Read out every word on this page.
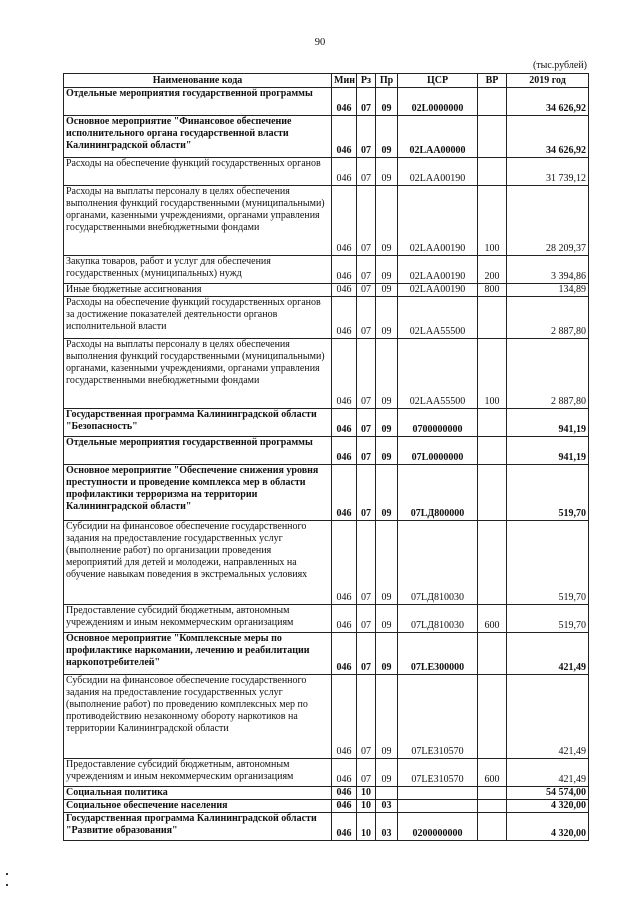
90
(тыс.рублей)
Наименование кода	Мин	Рз	Пр	ЦСР	ВР	2019 год
Отдельные мероприятия государственной программы	046	07	09	02L0000000		34 626,92
Основное мероприятие "Финансовое обеспечение исполнительного органа государственной власти Калининградской области"	046	07	09	02LAA00000		34 626,92
Расходы на обеспечение функций государственных органов	046	07	09	02LAA00190		31 739,12
Расходы на выплаты персоналу в целях обеспечения выполнения функций государственными (муниципальными) органами, казенными учреждениями, органами управления государственными внебюджетными фондами	046	07	09	02LAA00190	100	28 209,37
Закупка товаров, работ и услуг для обеспечения государственных (муниципальных) нужд	046	07	09	02LAA00190	200	3 394,86
Иные бюджетные ассигнования	046	07	09	02LAA00190	800	134,89
Расходы на обеспечение функций государственных органов за достижение показателей деятельности органов исполнительной власти	046	07	09	02LAA55500		2 887,80
Расходы на выплаты персоналу в целях обеспечения выполнения функций государственными (муниципальными) органами, казенными учреждениями, органами управления государственными внебюджетными фондами	046	07	09	02LAA55500	100	2 887,80
Государственная программа Калининградской области "Безопасность"	046	07	09	0700000000		941,19
Отдельные мероприятия государственной программы	046	07	09	07L0000000		941,19
Основное мероприятие "Обеспечение снижения уровня преступности и проведение комплекса мер в области профилактики терроризма на территории Калининградской области"	046	07	09	07LД800000		519,70
Субсидии на финансовое обеспечение государственного задания на предоставление государственных услуг (выполнение работ) по организации проведения мероприятий для детей и молодежи, направленных на обучение навыкам поведения в экстремальных условиях	046	07	09	07LД810030		519,70
Предоставление субсидий бюджетным, автономным учреждениям и иным некоммерческим организациям	046	07	09	07LД810030	600	519,70
Основное мероприятие "Комплексные меры по профилактике наркомании, лечению и реабилитации наркопотребителей"	046	07	09	07LE300000		421,49
Субсидии на финансовое обеспечение государственного задания на предоставление государственных услуг (выполнение работ) по проведению комплексных мер по противодействию незаконному обороту наркотиков на территории Калининградской области	046	07	09	07LE310570		421,49
Предоставление субсидий бюджетным, автономным учреждениям и иным некоммерческим организациям	046	07	09	07LE310570	600	421,49
Социальная политика	046	10				54 574,00
Социальное обеспечение населения	046	10	03			4 320,00
Государственная программа Калининградской области "Развитие образования"	046	10	03	0200000000		4 320,00
